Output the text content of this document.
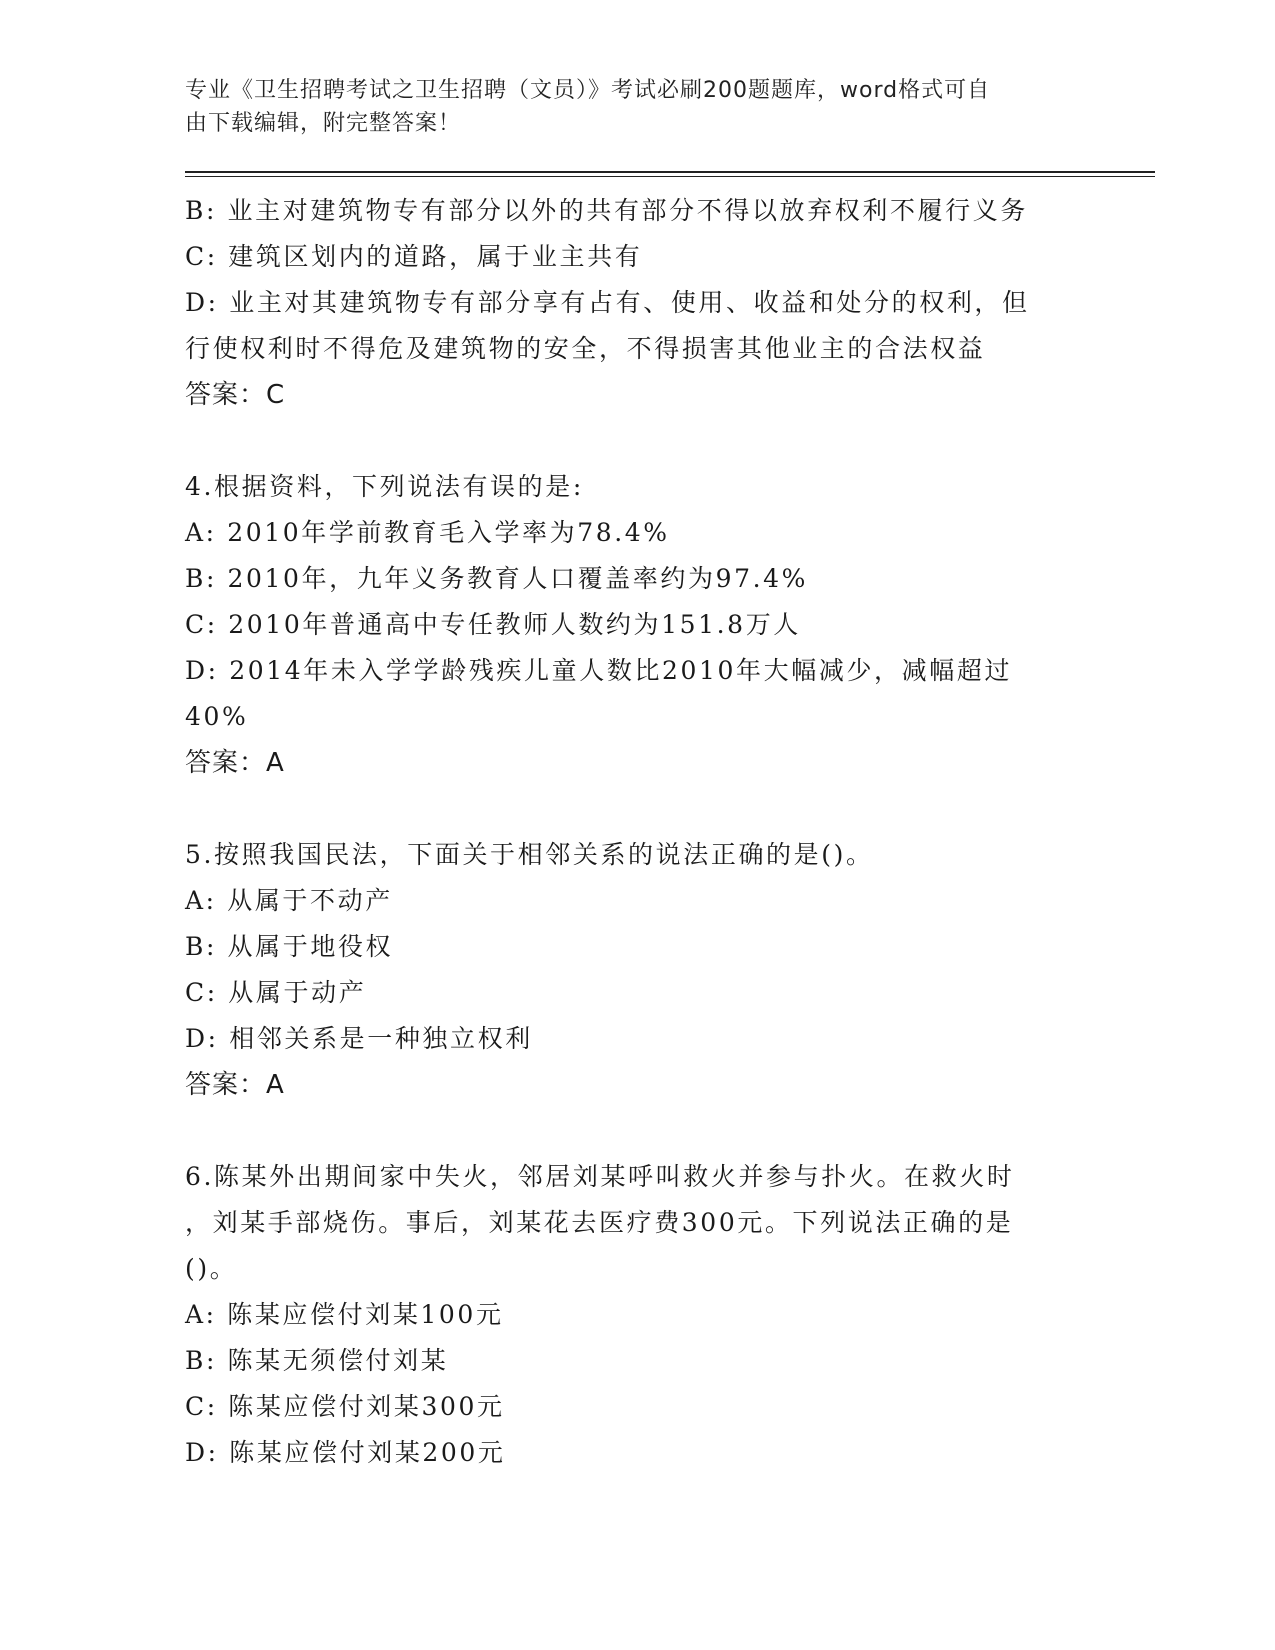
专业《卫生招聘考试之卫生招聘（文员）》考试必刷200题题库，word格式可自
由下载编辑，附完整答案！
B: 业主对建筑物专有部分以外的共有部分不得以放弃权利不履行义务
C: 建筑区划内的道路，属于业主共有
D: 业主对其建筑物专有部分享有占有、使用、收益和处分的权利，但
行使权利时不得危及建筑物的安全，不得损害其他业主的合法权益
答案：C
4.根据资料，下列说法有误的是:
A: 2010年学前教育毛入学率为78.4%
B: 2010年，九年义务教育人口覆盖率约为97.4%
C: 2010年普通高中专任教师人数约为151.8万人
D: 2014年未入学学龄残疾儿童人数比2010年大幅减少，减幅超过
40%
答案：A
5.按照我国民法，下面关于相邻关系的说法正确的是()。
A: 从属于不动产
B: 从属于地役权
C: 从属于动产
D: 相邻关系是一种独立权利
答案：A
6.陈某外出期间家中失火，邻居刘某呼叫救火并参与扑火。在救火时
，刘某手部烧伤。事后，刘某花去医疗费300元。下列说法正确的是
()。
A: 陈某应偿付刘某100元
B: 陈某无须偿付刘某
C: 陈某应偿付刘某300元
D: 陈某应偿付刘某200元
